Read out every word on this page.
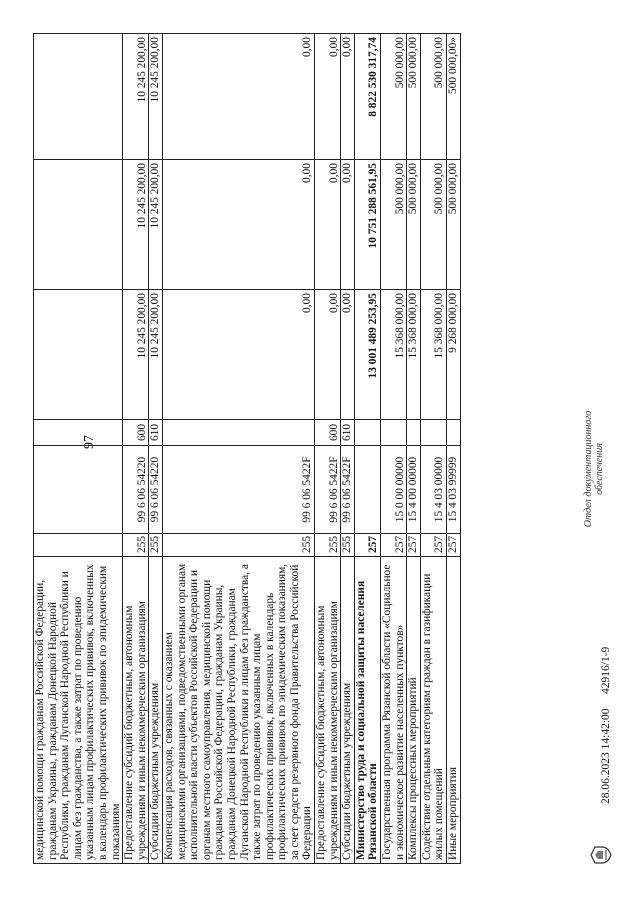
97
медицинской помощи гражданам Российской Федерации, гражданам Украины, гражданам Донецкой Народной Республики, гражданам Луганской Народной Республики и лицам без гражданства, а также затрат по проведению указанным лицам профилактических прививок, включенных в календарь профилактических прививок по эпидемическим показаниям						
Предоставление субсидий бюджетным, автономным учреждениям и иным некоммерческим организациям	255	99 6 06 54220	600	10 245 200,00	10 245 200,00	10 245 200,00
Субсидии бюджетным учреждениям	255	99 6 06 54220	610	10 245 200,00	10 245 200,00	10 245 200,00
Компенсация расходов, связанных с оказанием медицинскими организациями, подведомственными органам исполнительной власти субъектов Российской Федерации и органам местного самоуправления, медицинской помощи гражданам Российской Федерации, гражданам Украины, гражданам Донецкой Народной Республики, гражданам Луганской Народной Республики и лицам без гражданства, а также затрат по проведению указанным лицам профилактических прививок, включенных в календарь профилактических прививок по эпидемическим показаниям, за счет средств резервного фонда Правительства Российской Федерации	255	99 6 06 5422F		0,00	0,00	0,00
Предоставление субсидий бюджетным, автономным учреждениям и иным некоммерческим организациям	255	99 6 06 5422F	600	0,00	0,00	0,00
Субсидии бюджетным учреждениям	255	99 6 06 5422F	610	0,00	0,00	0,00
Министерство труда и социальной защиты населения Рязанской области	257			13 001 489 253,95	10 751 288 561,95	8 822 530 317,74
Государственная программа Рязанской области «Социальное и экономическое развитие населенных пунктов»	257	15 0 00 00000		15 368 000,00	500 000,00	500 000,00
Комплексы процессных мероприятий	257	15 4 00 00000		15 368 000,00	500 000,00	500 000,00
Содействие отдельным категориям граждан в газификации жилых помещений	257	15 4 03 00000		15 368 000,00	500 000,00	500 000,00
Иные мероприятия	257	15 4 03 99999		9 268 000,00	500 000,00	500 000,00»
28.06.2023 14:42:00
42916/1-9
Отдел документационного обеспечения
